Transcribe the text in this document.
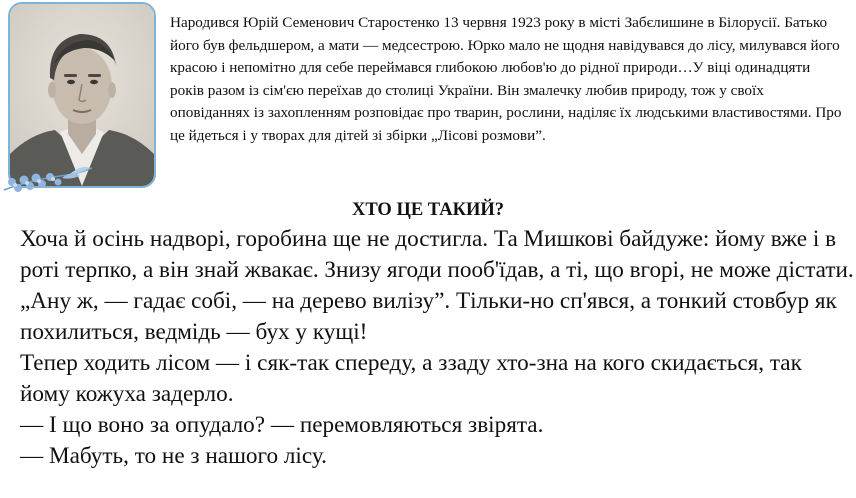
Народився Юрій Семенович Старостенко 13 червня 1923 року в місті Забєлишине в Білорусії. Батько його був фельдшером, а мати — медсестрою. Юрко мало не щодня навідувався до лісу, милувався його красою і непомітно для себе переймався глибокою любов'ю до рідної природи…У віці одинадцяти років разом із сім'єю переїхав до столиці України. Він змалечку любив природу, тож у своїх оповіданнях із захопленням розповідає про тварин, рослини, наділяє їх людськими властивостями. Про це йдеться і у творах для дітей зі збірки „Лісові розмови”.

ХТО ЦЕ ТАКИЙ?

Хоча й осінь надворі, горобина ще не достигла. Та Мишкові байдуже: йому вже і в роті терпко, а він знай жвакає. Знизу ягоди пооб'їдав, а ті, що вгорі, не може дістати. „Ану ж, — гадає собі, — на дерево вилізу”. Тільки-но сп'явся, а тонкий стовбур як похилиться, ведмідь — бух у кущі!

Тепер ходить лісом — і сяк-так спереду, а ззаду хто-зна на кого скидається, так йому кожуха задерло.

— І що воно за опудало? — перемовляються звірята.

— Мабуть, то не з нашого лісу.
